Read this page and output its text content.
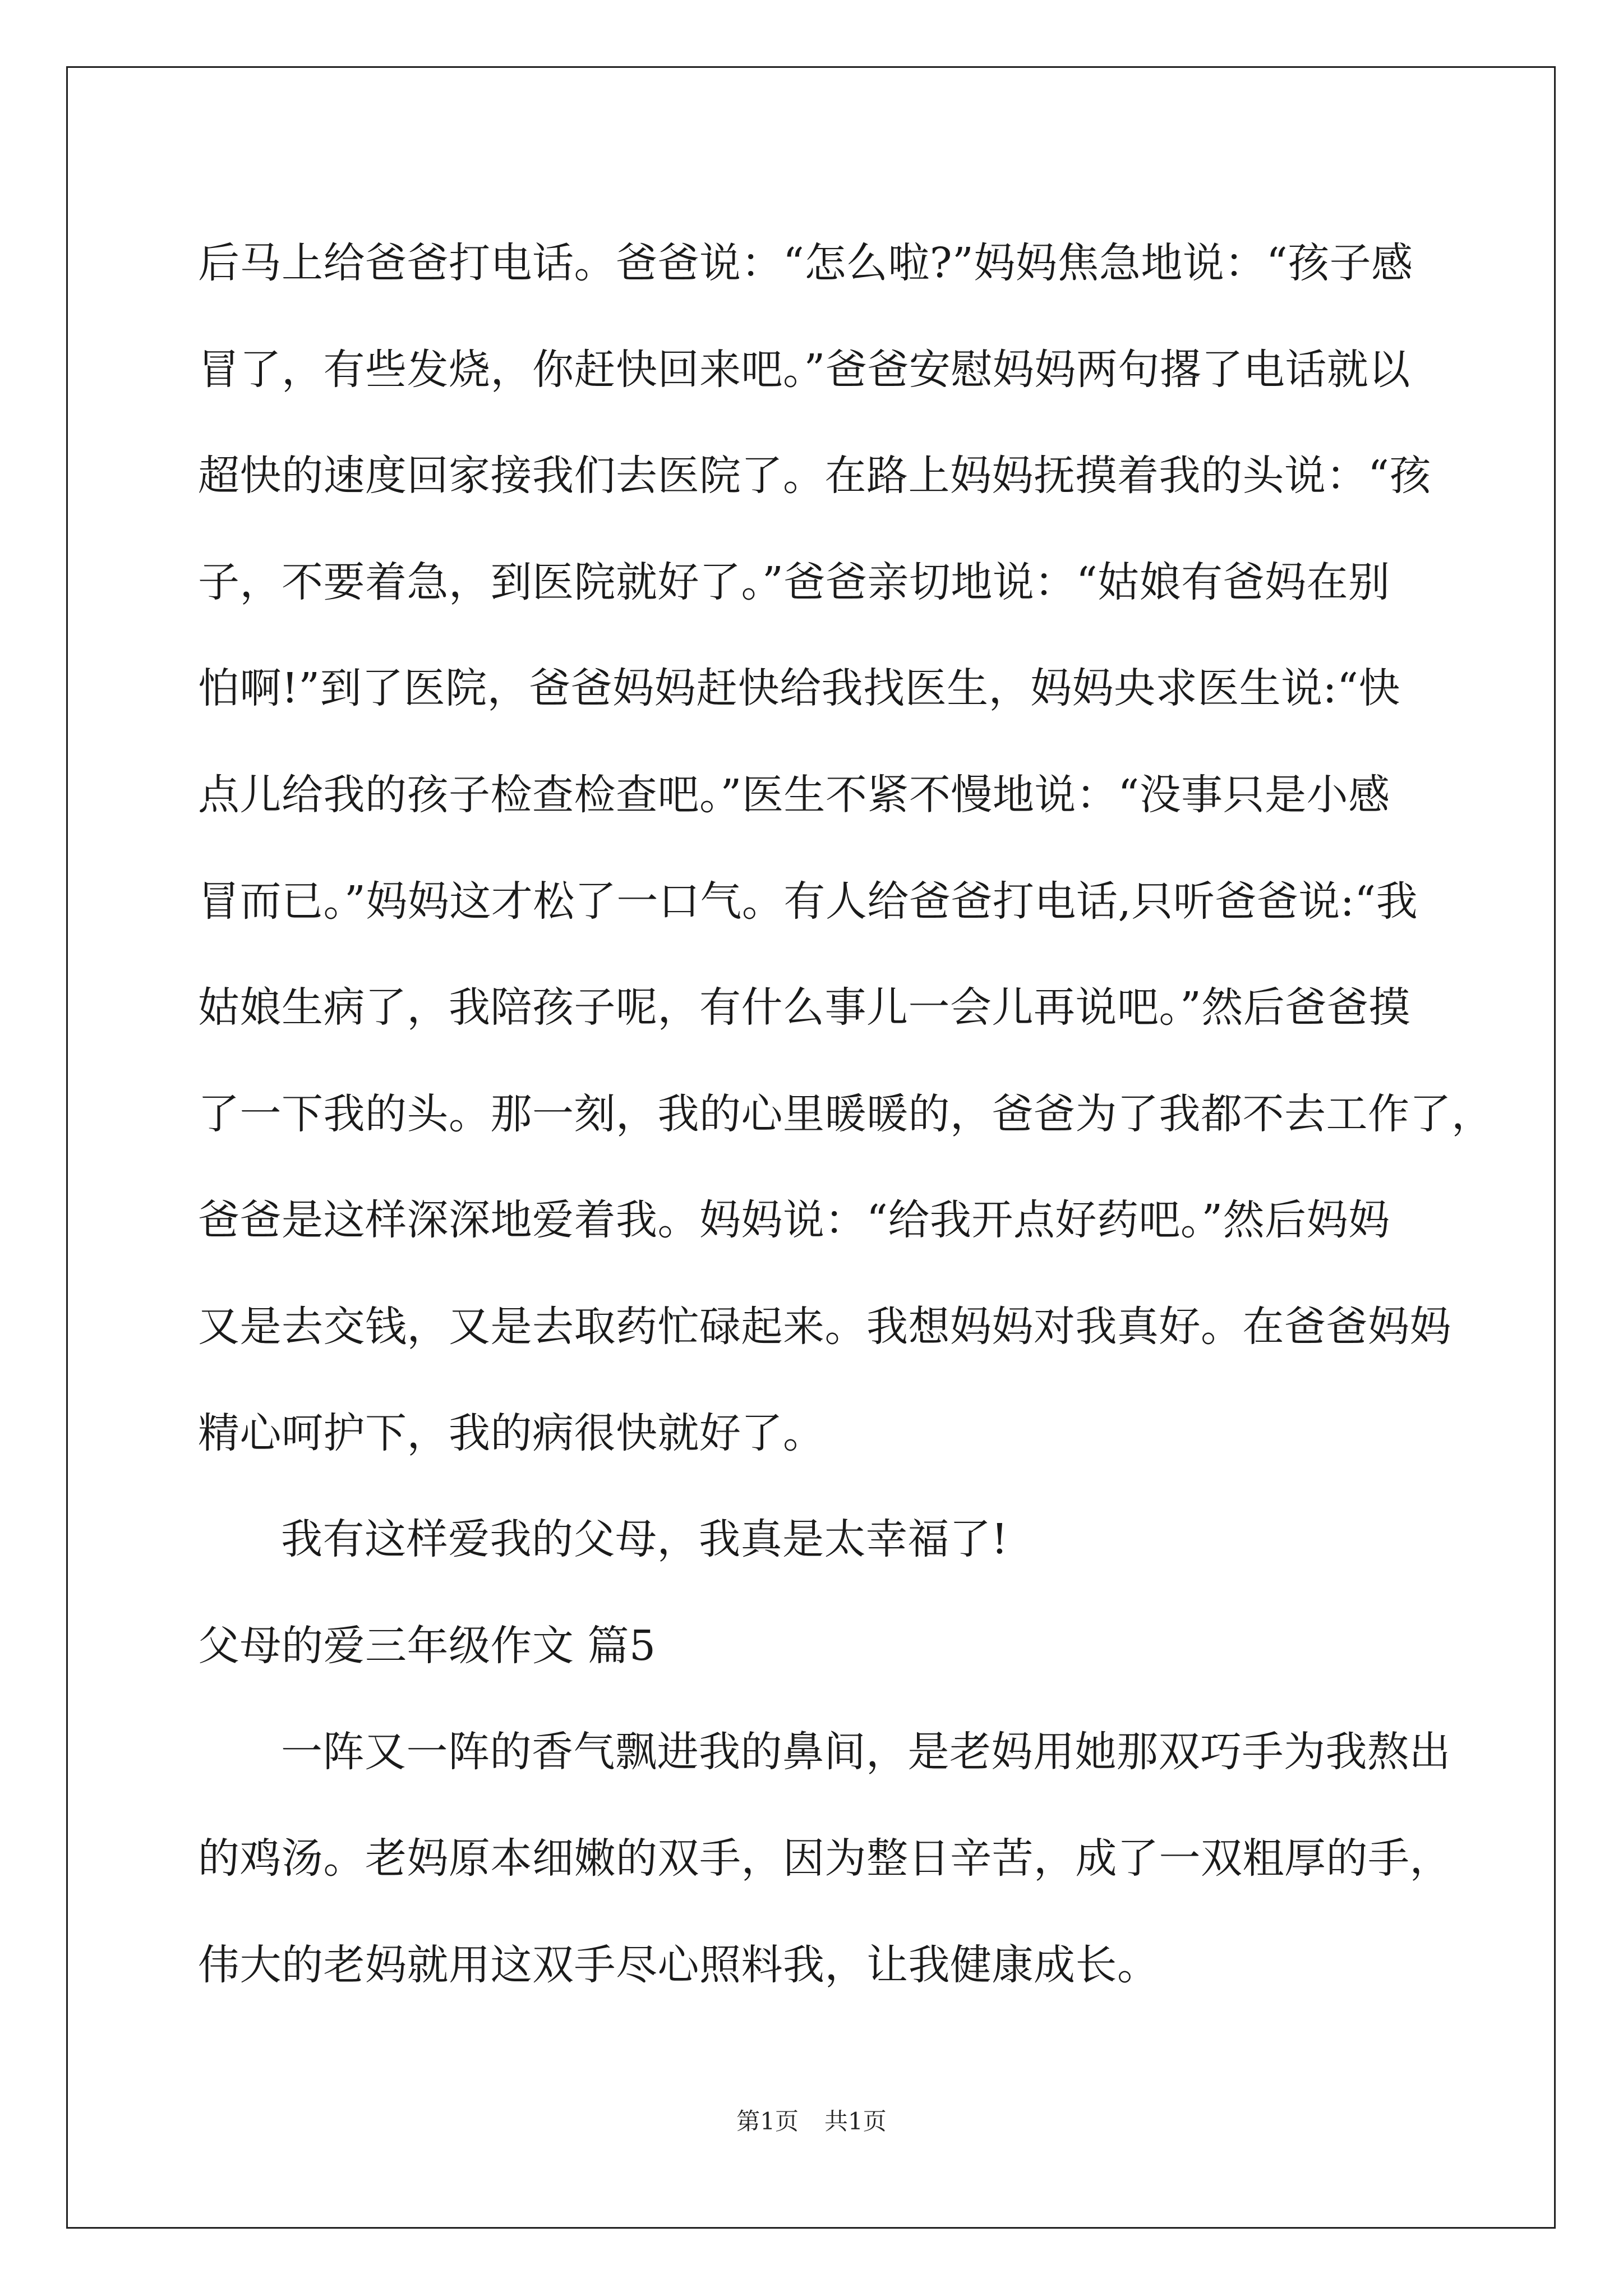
后马上给爸爸打电话。爸爸说：“怎么啦?”妈妈焦急地说：“孩子感
冒了，有些发烧，你赶快回来吧。”爸爸安慰妈妈两句撂了电话就以
超快的速度回家接我们去医院了。在路上妈妈抚摸着我的头说：“孩
子，不要着急，到医院就好了。”爸爸亲切地说：“姑娘有爸妈在别
怕啊!”到了医院，爸爸妈妈赶快给我找医生，妈妈央求医生说:“快
点儿给我的孩子检查检查吧。”医生不紧不慢地说：“没事只是小感
冒而已。”妈妈这才松了一口气。有人给爸爸打电话,只听爸爸说:“我
姑娘生病了，我陪孩子呢，有什么事儿一会儿再说吧。”然后爸爸摸
了一下我的头。那一刻，我的心里暖暖的，爸爸为了我都不去工作了，
爸爸是这样深深地爱着我。妈妈说：“给我开点好药吧。”然后妈妈
又是去交钱，又是去取药忙碌起来。我想妈妈对我真好。在爸爸妈妈
精心呵护下，我的病很快就好了。
我有这样爱我的父母，我真是太幸福了!
父母的爱三年级作文 篇5
一阵又一阵的香气飘进我的鼻间，是老妈用她那双巧手为我熬出
的鸡汤。老妈原本细嫩的双手，因为整日辛苦，成了一双粗厚的手，
伟大的老妈就用这双手尽心照料我，让我健康成长。
第1页 共1页
